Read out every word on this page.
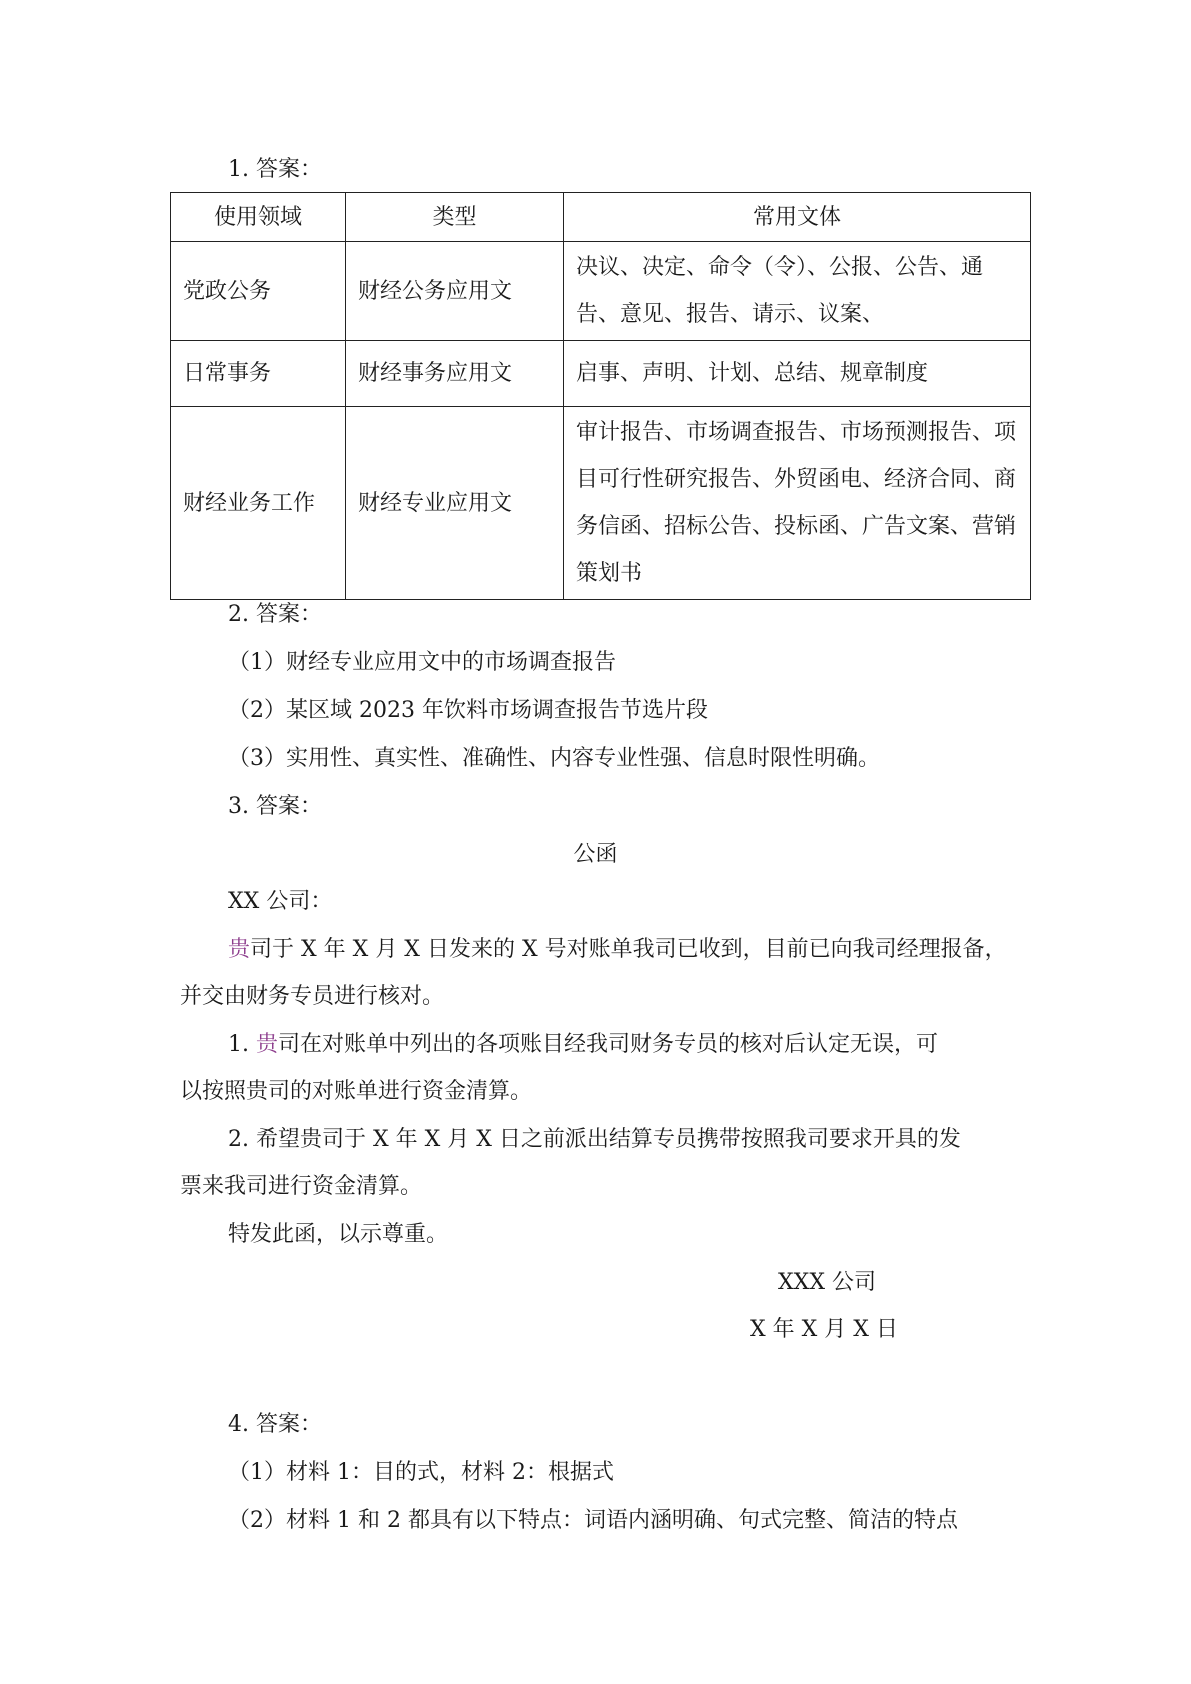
1. 答案：
使用领域	类型	常用文体
党政公务	财经公务应用文	决议、决定、命令（令）、公报、公告、通告、意见、报告、请示、议案、
日常事务	财经事务应用文	启事、声明、计划、总结、规章制度
财经业务工作	财经专业应用文	审计报告、市场调查报告、市场预测报告、项目可行性研究报告、外贸函电、经济合同、商务信函、招标公告、投标函、广告文案、营销策划书
2. 答案：
（1）财经专业应用文中的市场调查报告
（2）某区域 2023 年饮料市场调查报告节选片段
（3）实用性、真实性、准确性、内容专业性强、信息时限性明确。
3. 答案：
公函
XX 公司：
贵司于 X 年 X 月 X 日发来的 X 号对账单我司已收到，目前已向我司经理报备，
并交由财务专员进行核对。
1. 贵司在对账单中列出的各项账目经我司财务专员的核对后认定无误，可
以按照贵司的对账单进行资金清算。
2. 希望贵司于 X 年 X 月 X 日之前派出结算专员携带按照我司要求开具的发
票来我司进行资金清算。
特发此函，以示尊重。
XXX 公司
X 年 X 月 X 日
4. 答案：
（1）材料 1：目的式，材料 2：根据式
（2）材料 1 和 2 都具有以下特点：词语内涵明确、句式完整、简洁的特点
